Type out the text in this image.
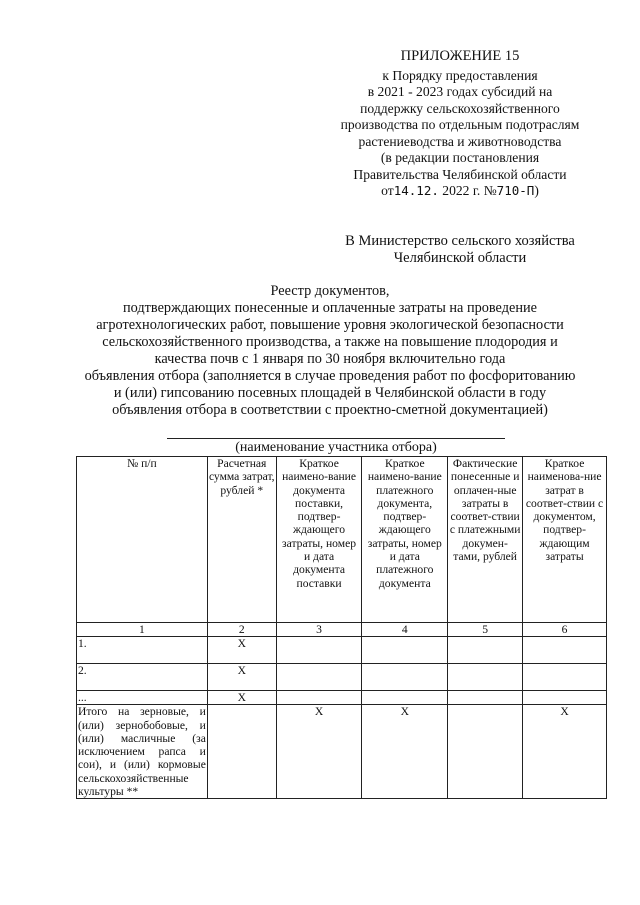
ПРИЛОЖЕНИЕ 15
к Порядку предоставления
в 2021 - 2023 годах субсидий на
поддержку сельскохозяйственного
производства по отдельным подотраслям
растениеводства и животноводства
(в редакции постановления
Правительства Челябинской области
от14.12. 2022 г. №710-П)
В Министерство сельского хозяйства
Челябинской области
Реестр документов,
подтверждающих понесенные и оплаченные затраты на проведение
агротехнологических работ, повышение уровня экологической безопасности
сельскохозяйственного производства, а также на повышение плодородия и
качества почв с 1 января по 30 ноября включительно года
объявления отбора (заполняется в случае проведения работ по фосфоритованию
и (или) гипсованию посевных площадей в Челябинской области в году
объявления отбора в соответствии с проектно-сметной документацией)
(наименование участника отбора)
№ п/п	Расчетная сумма затрат, рублей *	Краткое наимено-вание документа поставки, подтвер-ждающего затраты, номер и дата документа поставки	Краткое наимено-вание платежного документа, подтвер-ждающего затраты, номер и дата платежного документа	Фактические понесенные и оплачен-ные затраты в соответ-ствии с платежными докумен-тами, рублей	Краткое наименова-ние затрат в соответ-ствии с документом, подтвер-ждающим затраты
1	2	3	4	5	6
1.	X				
2.	X				
...	X				
Итого на зерновые, и (или) зернобобовые, и (или) масличные (за исключением рапса и сои), и (или) кормовые сельскохозяйственные культуры **		X	X		X
